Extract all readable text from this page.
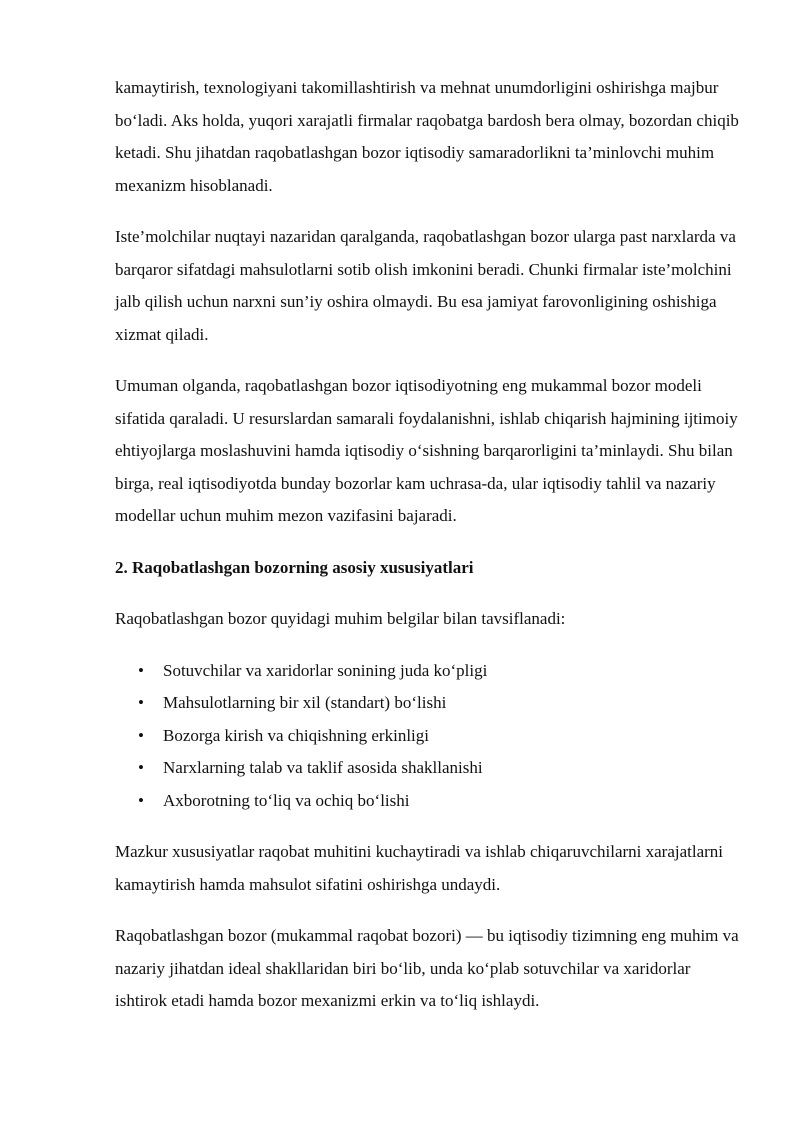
kamaytirish, texnologiyani takomillashtirish va mehnat unumdorligini oshirishga majbur bo‘ladi. Aks holda, yuqori xarajatli firmalar raqobatga bardosh bera olmay, bozordan chiqib ketadi. Shu jihatdan raqobatlashgan bozor iqtisodiy samaradorlikni ta’minlovchi muhim mexanizm hisoblanadi.

Iste’molchilar nuqtayi nazaridan qaralganda, raqobatlashgan bozor ularga past narxlarda va barqaror sifatdagi mahsulotlarni sotib olish imkonini beradi. Chunki firmalar iste’molchini jalb qilish uchun narxni sun’iy oshira olmaydi. Bu esa jamiyat farovonligining oshishiga xizmat qiladi.

Umuman olganda, raqobatlashgan bozor iqtisodiyotning eng mukammal bozor modeli sifatida qaraladi. U resurslardan samarali foydalanishni, ishlab chiqarish hajmining ijtimoiy ehtiyojlarga moslashuvini hamda iqtisodiy o‘sishning barqarorligini ta’minlaydi. Shu bilan birga, real iqtisodiyotda bunday bozorlar kam uchrasa-da, ular iqtisodiy tahlil va nazariy modellar uchun muhim mezon vazifasini bajaradi.

2. Raqobatlashgan bozorning asosiy xususiyatlari

Raqobatlashgan bozor quyidagi muhim belgilar bilan tavsiflanadi:

• Sotuvchilar va xaridorlar sonining juda ko‘pligi
• Mahsulotlarning bir xil (standart) bo‘lishi
• Bozorga kirish va chiqishning erkinligi
• Narxlarning talab va taklif asosida shakllanishi
• Axborotning to‘liq va ochiq bo‘lishi

Mazkur xususiyatlar raqobat muhitini kuchaytiradi va ishlab chiqaruvchilarni xarajatlarni kamaytirish hamda mahsulot sifatini oshirishga undaydi.

Raqobatlashgan bozor (mukammal raqobat bozori) — bu iqtisodiy tizimning eng muhim va nazariy jihatdan ideal shakllaridan biri bo‘lib, unda ko‘plab sotuvchilar va xaridorlar ishtirok etadi hamda bozor mexanizmi erkin va to‘liq ishlaydi.
